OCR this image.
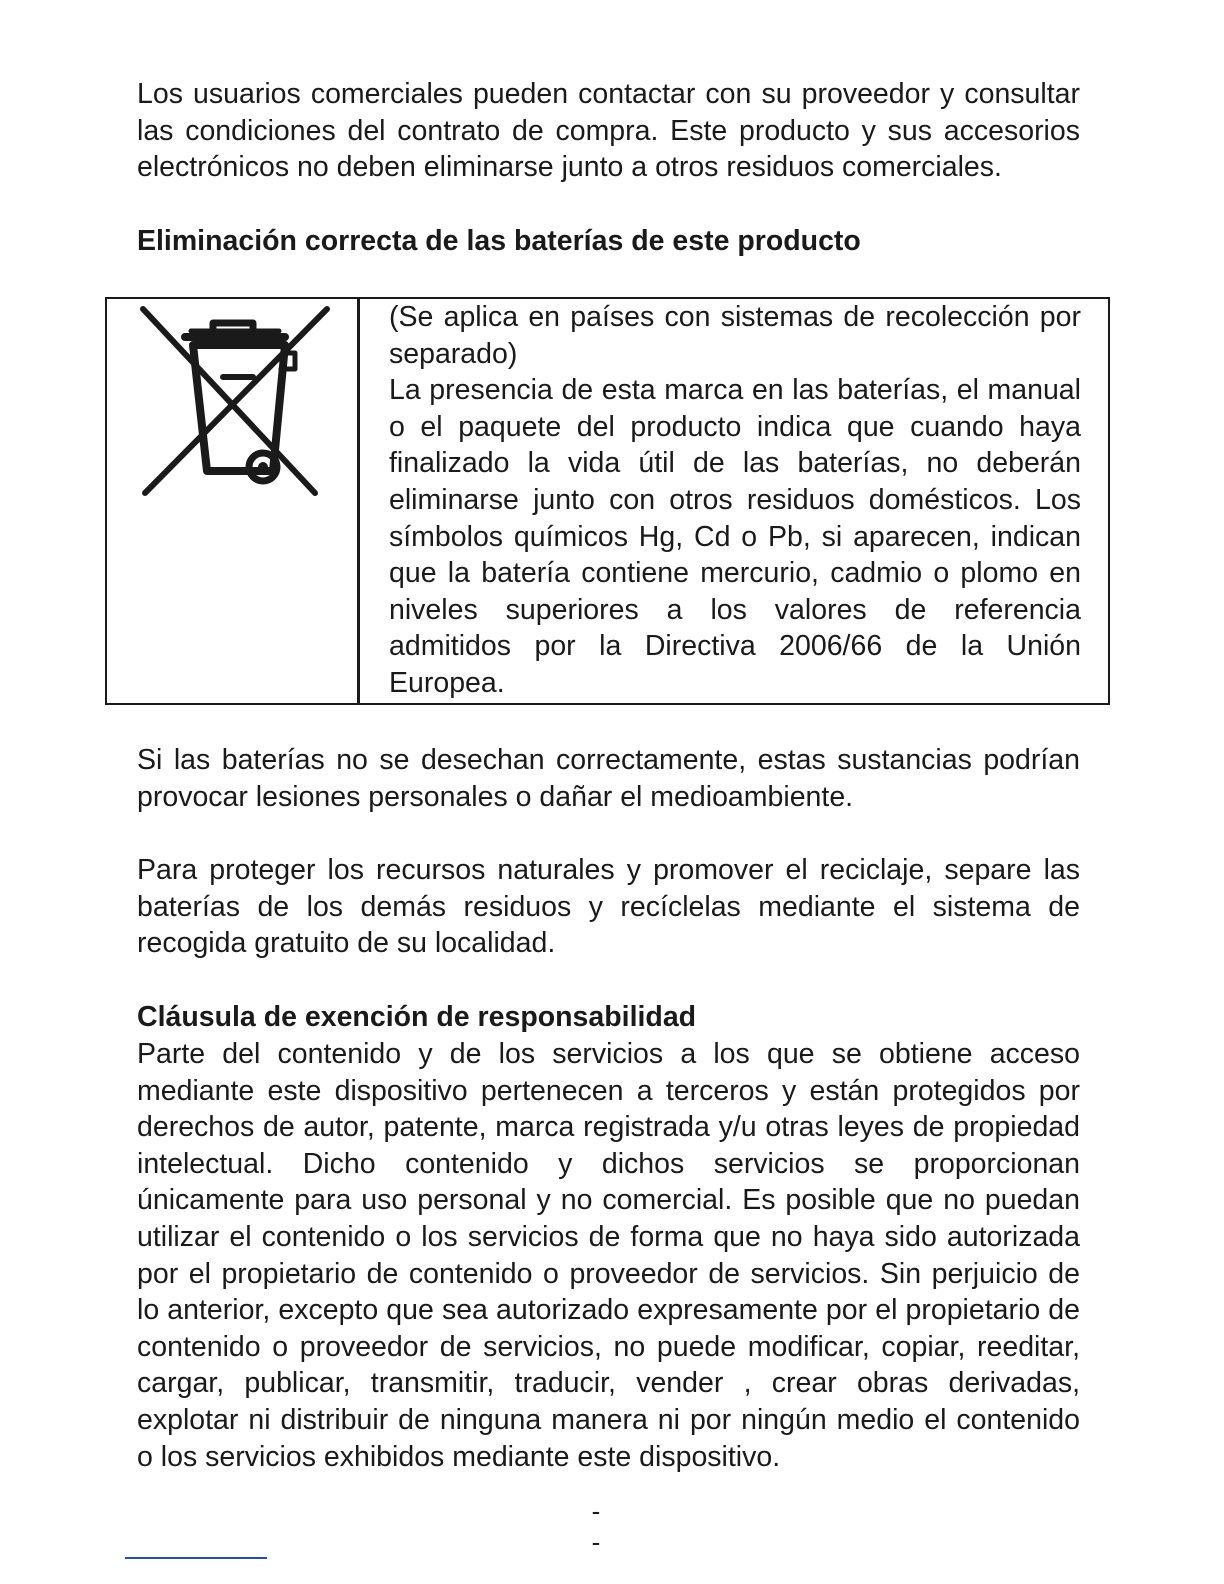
Los usuarios comerciales pueden contactar con su proveedor y consultar las condiciones del contrato de compra. Este producto y sus accesorios electrónicos no deben eliminarse junto a otros residuos comerciales.

Eliminación correcta de las baterías de este producto

(Se aplica en países con sistemas de recolección por separado)
La presencia de esta marca en las baterías, el manual o el paquete del producto indica que cuando haya finalizado la vida útil de las baterías, no deberán eliminarse junto con otros residuos domésticos. Los símbolos químicos Hg, Cd o Pb, si aparecen, indican que la batería contiene mercurio, cadmio o plomo en niveles superiores a los valores de referencia admitidos por la Directiva 2006/66 de la Unión Europea.

Si las baterías no se desechan correctamente, estas sustancias podrían provocar lesiones personales o dañar el medioambiente.

Para proteger los recursos naturales y promover el reciclaje, separe las baterías de los demás residuos y recíclelas mediante el sistema de recogida gratuito de su localidad.

Cláusula de exención de responsabilidad

Parte del contenido y de los servicios a los que se obtiene acceso mediante este dispositivo pertenecen a terceros y están protegidos por derechos de autor, patente, marca registrada y/u otras leyes de propiedad intelectual. Dicho contenido y dichos servicios se proporcionan únicamente para uso personal y no comercial. Es posible que no puedan utilizar el contenido o los servicios de forma que no haya sido autorizada por el propietario de contenido o proveedor de servicios. Sin perjuicio de lo anterior, excepto que sea autorizado expresamente por el propietario de contenido o proveedor de servicios, no puede modificar, copiar, reeditar, cargar, publicar, transmitir, traducir, vender , crear obras derivadas, explotar ni distribuir de ninguna manera ni por ningún medio el contenido o los servicios exhibidos mediante este dispositivo.

- -
